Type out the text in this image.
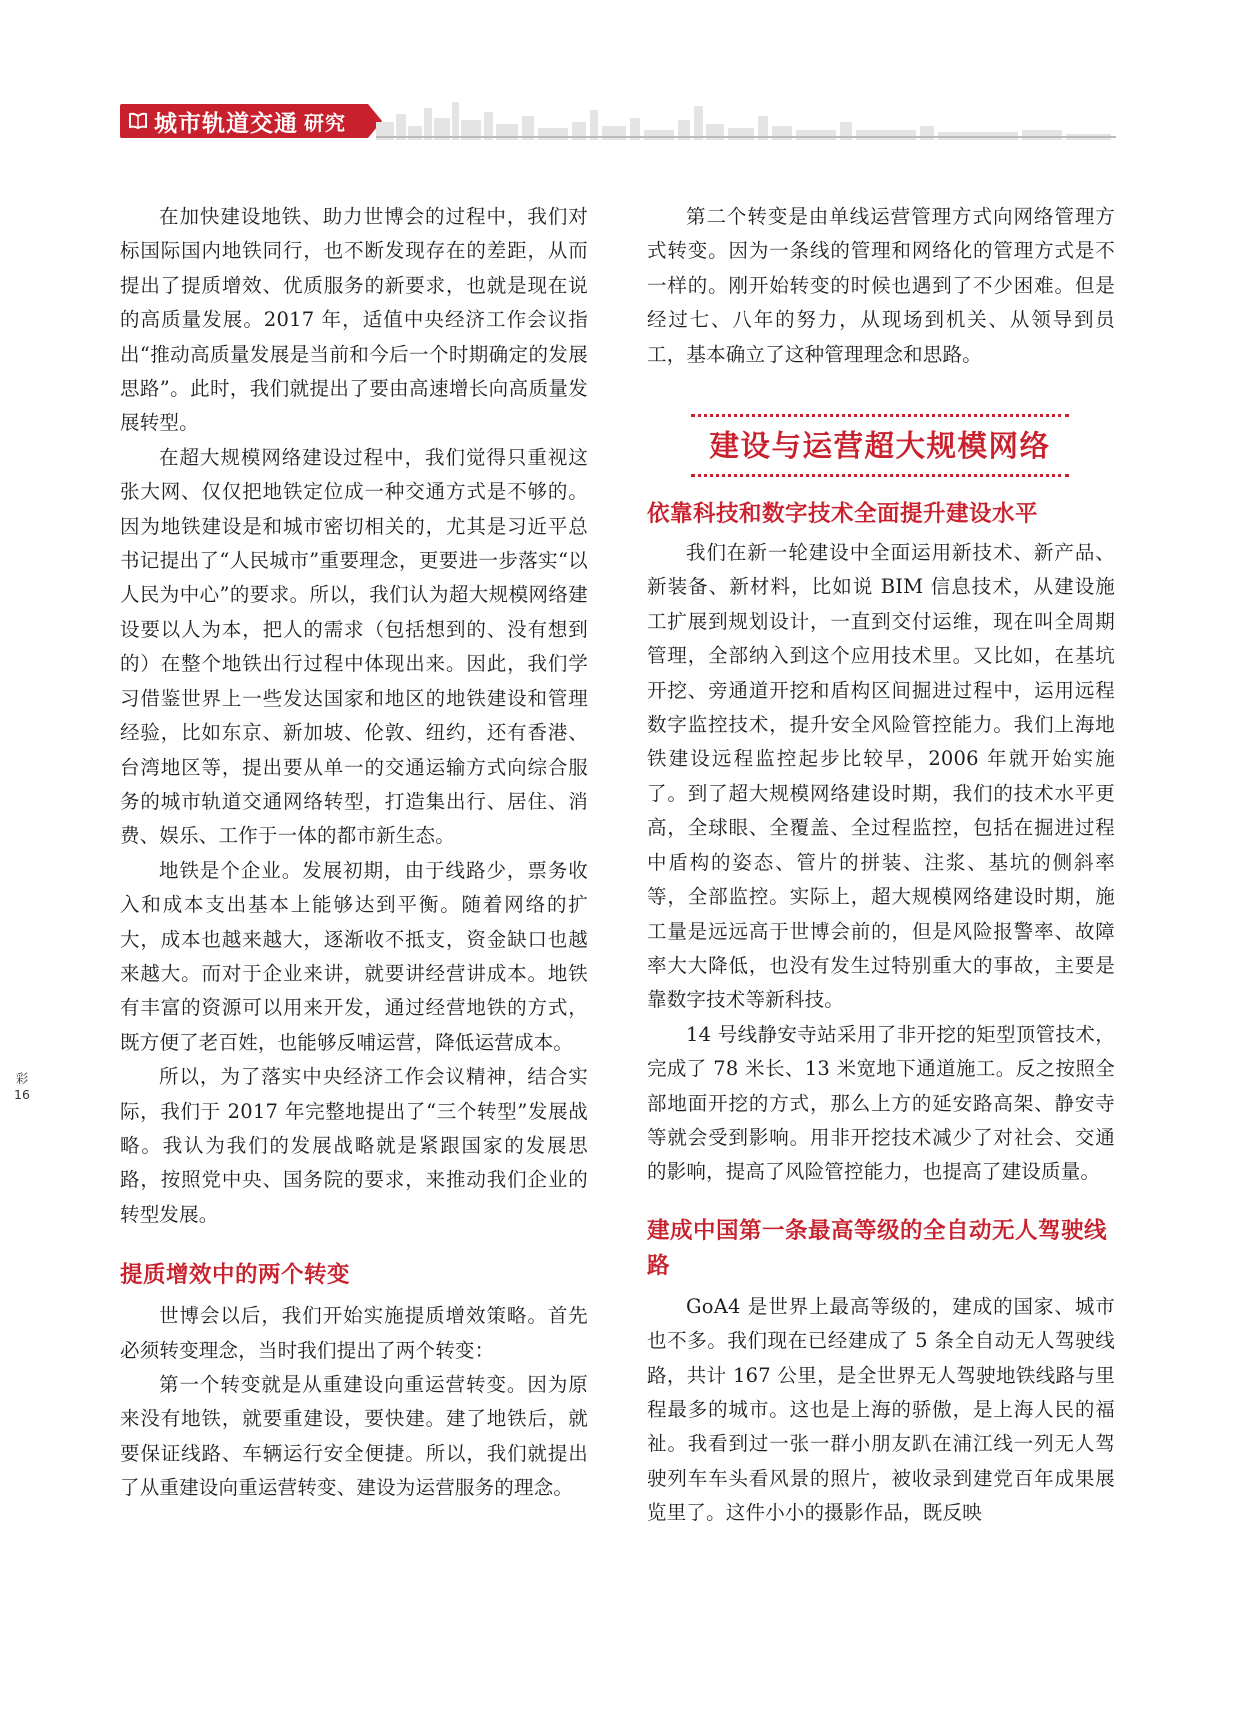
城市轨道交通 研究

在加快建设地铁、助力世博会的过程中，我们对标国际国内地铁同行，也不断发现存在的差距，从而提出了提质增效、优质服务的新要求，也就是现在说的高质量发展。2017 年，适值中央经济工作会议指出“推动高质量发展是当前和今后一个时期确定的发展思路”。此时，我们就提出了要由高速增长向高质量发展转型。

在超大规模网络建设过程中，我们觉得只重视这张大网、仅仅把地铁定位成一种交通方式是不够的。因为地铁建设是和城市密切相关的，尤其是习近平总书记提出了“人民城市”重要理念，更要进一步落实“以人民为中心”的要求。所以，我们认为超大规模网络建设要以人为本，把人的需求（包括想到的、没有想到的）在整个地铁出行过程中体现出来。因此，我们学习借鉴世界上一些发达国家和地区的地铁建设和管理经验，比如东京、新加坡、伦敦、纽约，还有香港、台湾地区等，提出要从单一的交通运输方式向综合服务的城市轨道交通网络转型，打造集出行、居住、消费、娱乐、工作于一体的都市新生态。

地铁是个企业。发展初期，由于线路少，票务收入和成本支出基本上能够达到平衡。随着网络的扩大，成本也越来越大，逐渐收不抵支，资金缺口也越来越大。而对于企业来讲，就要讲经营讲成本。地铁有丰富的资源可以用来开发，通过经营地铁的方式，既方便了老百姓，也能够反哺运营，降低运营成本。

所以，为了落实中央经济工作会议精神，结合实际，我们于 2017 年完整地提出了“三个转型”发展战略。我认为我们的发展战略就是紧跟国家的发展思路，按照党中央、国务院的要求，来推动我们企业的转型发展。

提质增效中的两个转变

世博会以后，我们开始实施提质增效策略。首先必须转变理念，当时我们提出了两个转变：

第一个转变就是从重建设向重运营转变。因为原来没有地铁，就要重建设，要快建。建了地铁后，就要保证线路、车辆运行安全便捷。所以，我们就提出了从重建设向重运营转变、建设为运营服务的理念。

第二个转变是由单线运营管理方式向网络管理方式转变。因为一条线的管理和网络化的管理方式是不一样的。刚开始转变的时候也遇到了不少困难。但是经过七、八年的努力，从现场到机关、从领导到员工，基本确立了这种管理理念和思路。

建设与运营超大规模网络
依靠科技和数字技术全面提升建设水平

我们在新一轮建设中全面运用新技术、新产品、新装备、新材料，比如说 BIM 信息技术，从建设施工扩展到规划设计，一直到交付运维，现在叫全周期管理，全部纳入到这个应用技术里。又比如，在基坑开挖、旁通道开挖和盾构区间掘进过程中，运用远程数字监控技术，提升安全风险管控能力。我们上海地铁建设远程监控起步比较早，2006 年就开始实施了。到了超大规模网络建设时期，我们的技术水平更高，全球眼、全覆盖、全过程监控，包括在掘进过程中盾构的姿态、管片的拼装、注浆、基坑的侧斜率等，全部监控。实际上，超大规模网络建设时期，施工量是远远高于世博会前的，但是风险报警率、故障率大大降低，也没有发生过特别重大的事故，主要是靠数字技术等新科技。

14 号线静安寺站采用了非开挖的矩型顶管技术，完成了 78 米长、13 米宽地下通道施工。反之按照全部地面开挖的方式，那么上方的延安路高架、静安寺等就会受到影响。用非开挖技术减少了对社会、交通的影响，提高了风险管控能力，也提高了建设质量。

建成中国第一条最高等级的全自动无人驾驶线路

GoA4 是世界上最高等级的，建成的国家、城市也不多。我们现在已经建成了 5 条全自动无人驾驶线路，共计 167 公里，是全世界无人驾驶地铁线路与里程最多的城市。这也是上海的骄傲，是上海人民的福祉。我看到过一张一群小朋友趴在浦江线一列无人驾驶列车车头看风景的照片，被收录到建党百年成果展览里了。这件小小的摄影作品，既反映

彩
16
